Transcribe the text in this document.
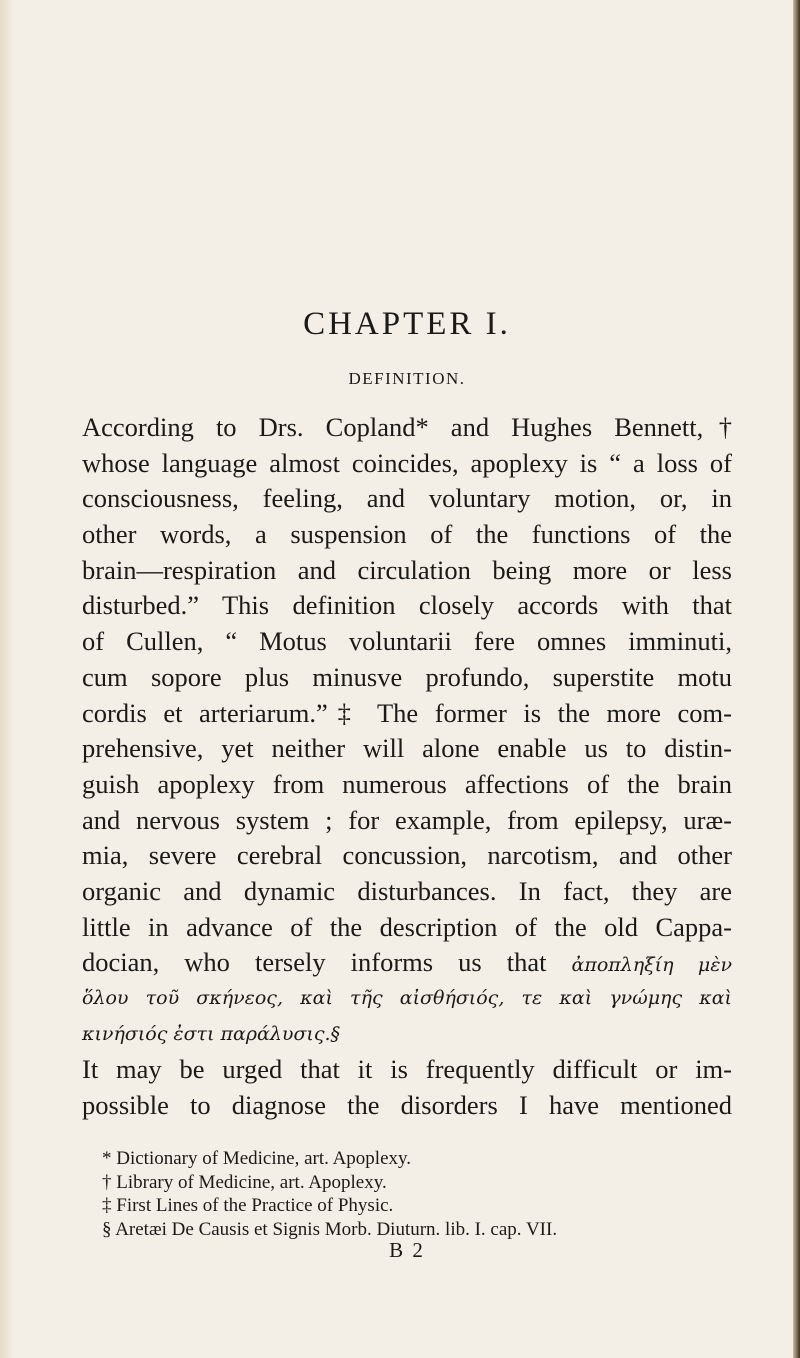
CHAPTER I.
DEFINITION.
According to Drs. Copland* and Hughes Bennett,†
whose language almost coincides, apoplexy is “ a loss of
consciousness, feeling, and voluntary motion, or, in
other words, a suspension of the functions of the
brain—respiration and circulation being more or less
disturbed.” This definition closely accords with that
of Cullen, “ Motus voluntarii fere omnes imminuti,
cum sopore plus minusve profundo, superstite motu
cordis et arteriarum.”‡ The former is the more com-
prehensive, yet neither will alone enable us to distin-
guish apoplexy from numerous affections of the brain
and nervous system ; for example, from epilepsy, uræ-
mia, severe cerebral concussion, narcotism, and other
organic and dynamic disturbances. In fact, they are
little in advance of the description of the old Cappa-
docian, who tersely informs us that ἀποπληξίη μὲν
ὅλου τοῦ σκήνεος, καὶ τῆς αἰσθήσιός, τε καὶ γνώμης καὶ
κινήσιός ἐστι παράλυσις.§
It may be urged that it is frequently difficult or im-
possible to diagnose the disorders I have mentioned
* Dictionary of Medicine, art. Apoplexy.
† Library of Medicine, art. Apoplexy.
‡ First Lines of the Practice of Physic.
§ Aretæi De Causis et Signis Morb. Diuturn. lib. I. cap. VII.
B 2
